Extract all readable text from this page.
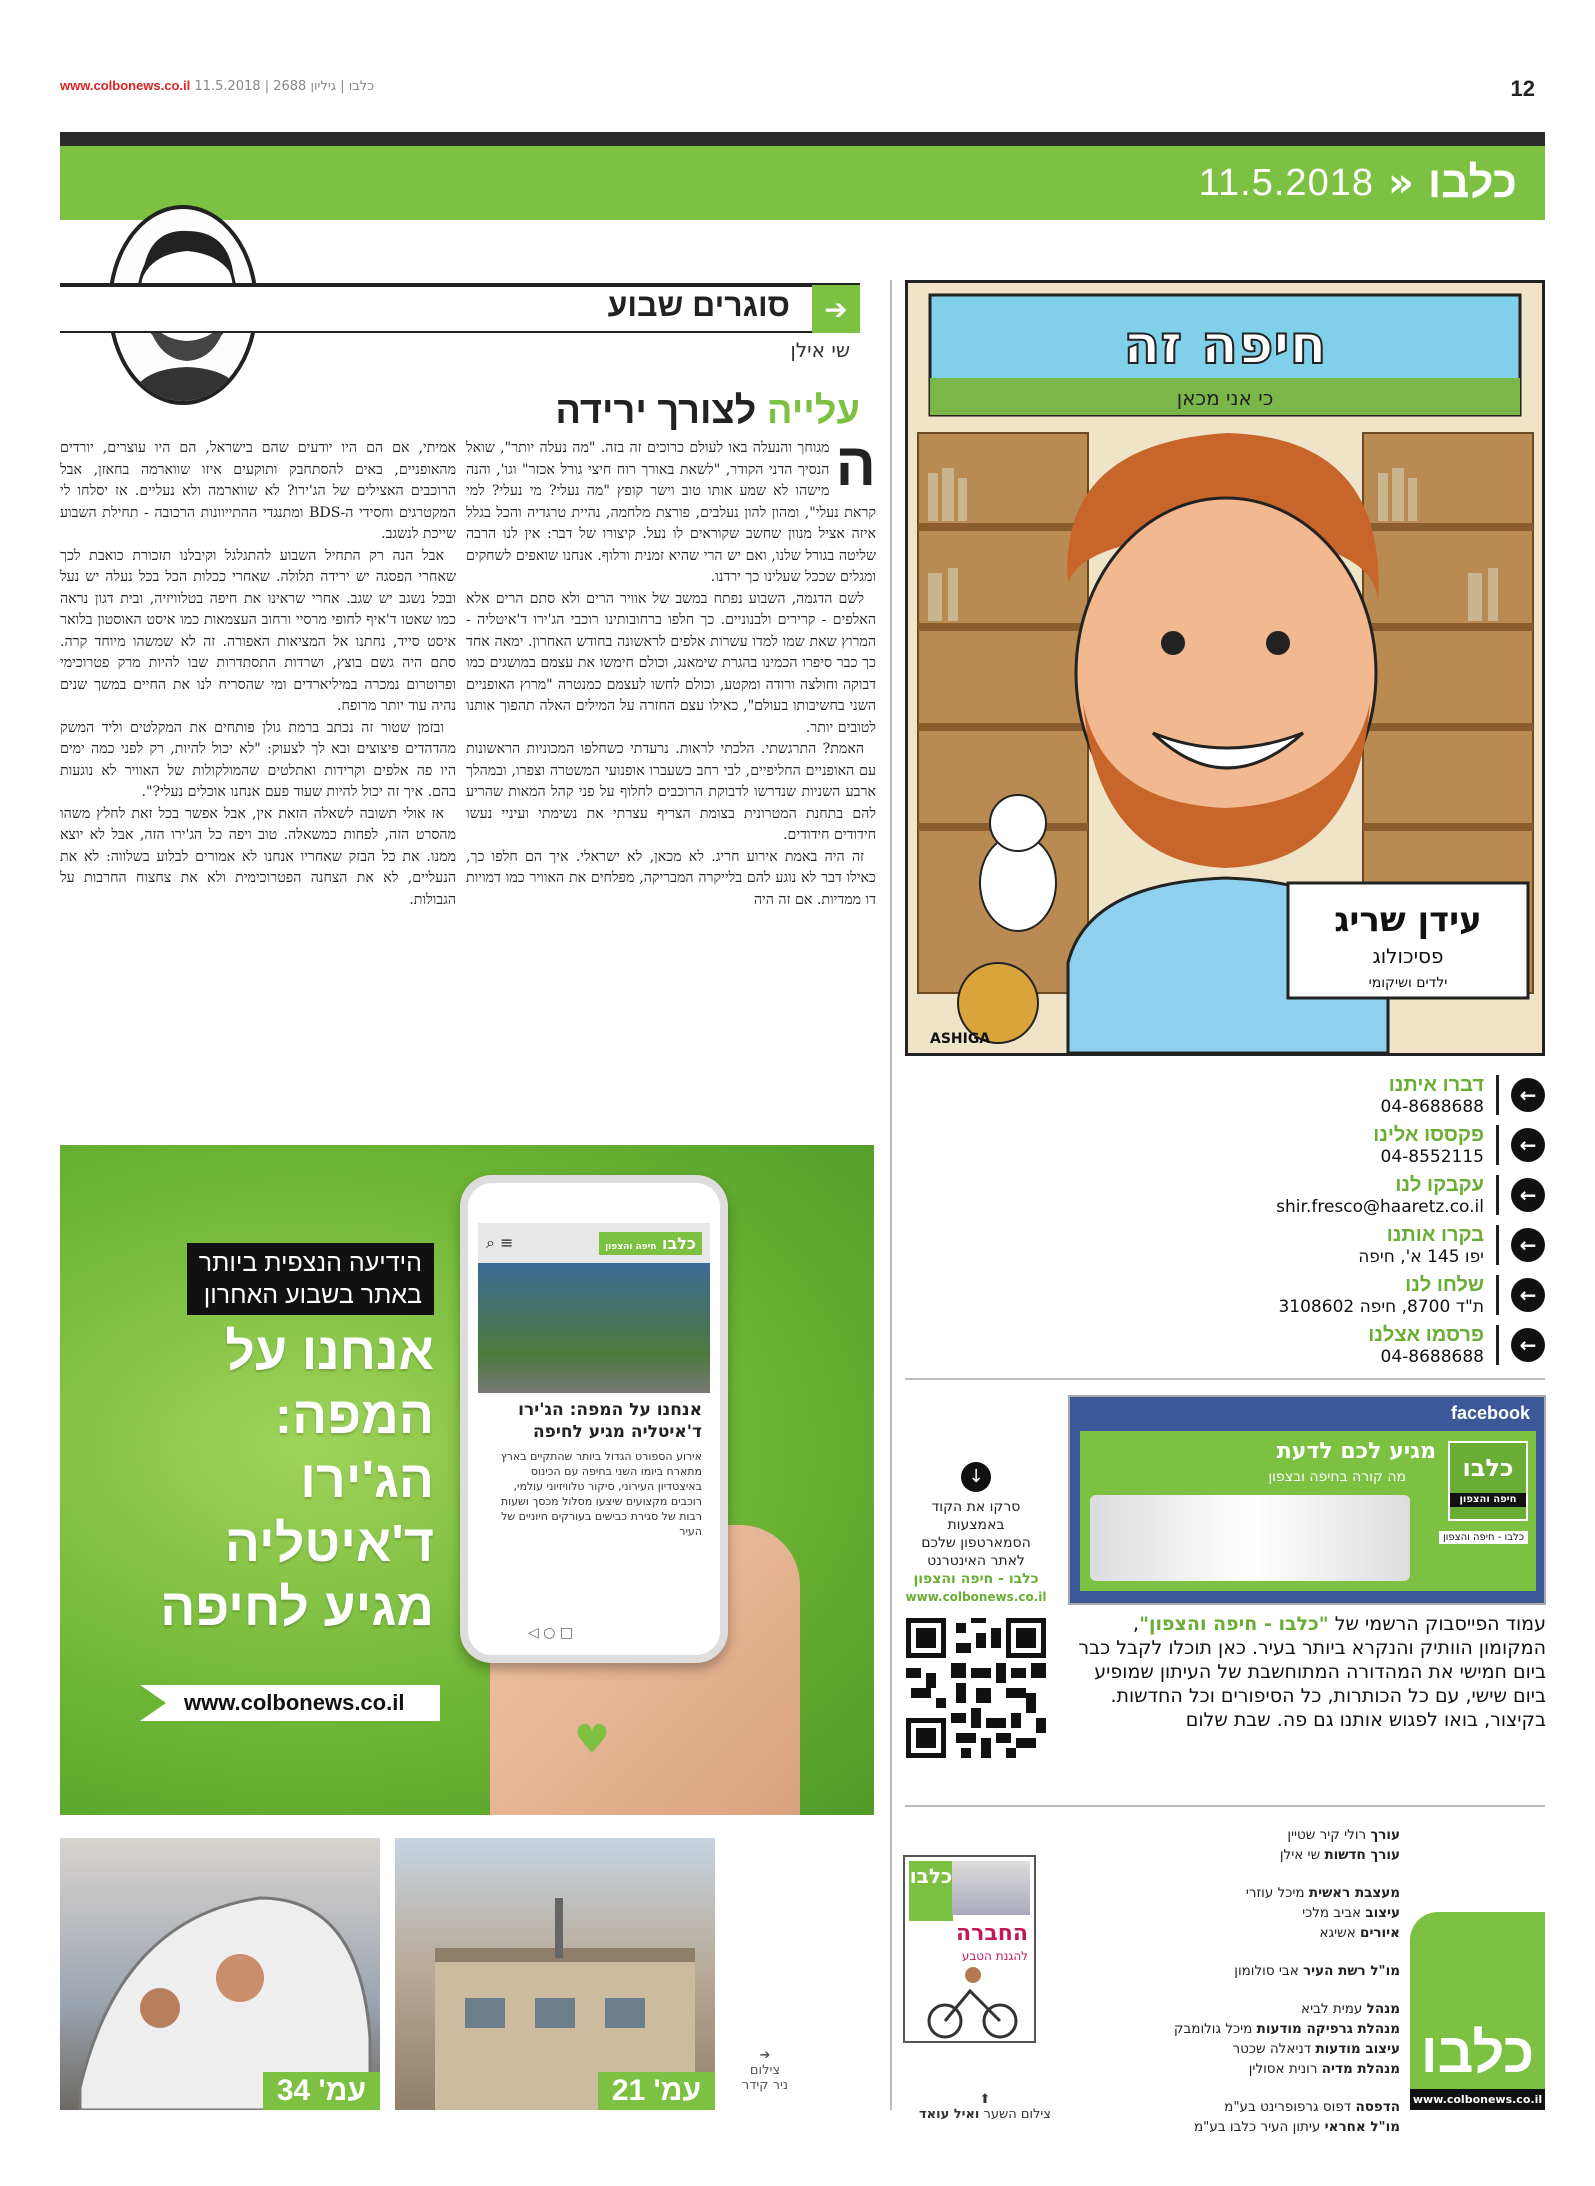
www.colbonews.co.il כלבו | גיליון 2688 | 11.5.2018	12
11.5.2018 » כלבו
➔
סוגרים שבוע
שי אילן
עלייה לצורך ירידה
ה

מגוחך והנעלה באו לעולם כרוכים זה בזה. "מה נעלה יותר", שואל הנסיך הדני הקודר, "לשאת באורך רוח חיצי גורל אכזר" וגו', והנה מישהו לא שמע אותו טוב וישר קופץ "מה נעלי? מי נעלי? למי קראת נעלי", ומהון להון נעלבים, פורצת מלחמה, נהיית טרגדיה והכל בגלל איזה אציל מנוון שחשב שקוראים לו נעל. קיצורו של דבר: אין לנו הרבה שליטה בגורל שלנו, ואם יש הרי שהיא זמנית ורלוף. אנחנו שואפים לשחקים ומגלים שככל שעלינו כך ירדנו.

לשם הדגמה, השבוע נפתח במשב של אוויר הרים ולא סתם הרים אלא האלפים - קרירים ולבנוניים. כך חלפו ברחובותינו רוכבי הג'ירו ד'איטליה - המרוץ שאת שמו למדו עשרות אלפים לראשונה בחודש האחרון. ימאה אחד כך כבר סיפרו הכמינו בהגרת שימאנג, וכולם חימשו את עצמם במושגים כמו דבוקה וחולצה ורודה ומקטע, וכולם לחשו לעצמם כמנטרה "מרוץ האופניים השני בחשיבותו בעולם", כאילו עצם החזרה על המילים האלה תהפוך אותנו לטובים יותר.

האמת? התרגשתי. הלכתי לראות. נרעדתי כשחלפו המכוניות הראשונות עם האופניים החליפיים, לבי רחב כשעברו אופנועי המשטרה וצפרו, ובמהלך ארבע השניות שנדרשו לדבוקת הרוכבים לחלוף על פני קהל המאות שהריע להם בתחנת המטרונית בצומת הצריף עצרתי את נשימתי ועיניי נעשו חידודים חידודים.

זה היה באמת אירוע חריג. לא מכאן, לא ישראלי. איך הם חלפו כך, כאילו דבר לא נוגע להם בלייקרה המבריקה, מפלחים את האוויר כמו דמויות דו ממדיות. אם זה היה

אמיתי, אם הם היו יודעים שהם בישראל, הם היו עוצרים, יורדים מהאופניים, באים להסתחבק ותוקעים איזו שווארמה בחאזן, אבל הרוכבים האצילים של הג'ירו? לא שווארמה ולא נעליים. אז יסלחו לי המקטרגים וחסידי ה-BDS ומתנגדי ההתייוונות הרכובה - תחילת השבוע שייכת לנשגב.

אבל הנה רק התחיל השבוע להתגלגל וקיבלנו תזכורת כואבת לכך שאחרי הפסגה יש ירידה תלולה. שאחרי ככלות הכל בכל נעלה יש נעל ובכל נשגב יש שגב. אחרי שראינו את חיפה בטלוויזיה, ובית דגון נראה כמו שאטו ד'איף לחופי מרסיי ורחוב העצמאות כמו איסט האוסטון בלואר איסט סייד, נחתנו אל המציאות האפורה. זה לא שמשהו מיוחד קרה. סתם היה גשם בוצץ, ושרדות התסתדרות שבו להיות מרק פטרוכימי ופרוטרום נמכרה במיליארדים ומי שהסריח לנו את החיים במשך שנים נהיה עוד יותר מרופח.

ובזמן שטור זה נכתב ברמת גולן פותחים את המקלטים וליד המשק מהדהדים פיצוצים ובא לך לצעוק: "לא יכול להיות, רק לפני כמה ימים היו פה אלפים וקרידות ואתלטים שהמולקולות של האוויר לא נוגעות בהם. איך זה יכול להיות שעוד פעם אנחנו אוכלים נעלי?".

אז אולי תשובה לשאלה הזאת אין, אבל אפשר בכל זאת לחלץ משהו מהסרט הזה, לפחות כמשאלה. טוב ויפה כל הג'ירו הזה, אבל לא יוצא ממנו. את כל הבזק שאחריו אנחנו לא אמורים לבלוע בשלווה: לא את הנעליים, לא את הצחנה הפטרוכימית ולא את צחצוח החרבות על הגבולות.

חיפה זה
כי אני מכאן
עידן שריג
פסיכולוג
ילדים ושיקומי
ASHIGA
←
דברו איתנו
04-8688688
←
פקססו אלינו
04-8552115
←
עקבקו לנו
shir.fresco@haaretz.co.il
←
בקרו אותנו
יפו 145 א', חיפה
←
שלחו לנו
ת"ד 8700, חיפה 3108602
←
פרסמו אצלנו
04-8688688
הידיעה הנצפית ביותר
באתר בשבוע האחרון
אנחנו על
המפה:
הג'ירו
ד'איטליה
מגיע לחיפה
www.colbonews.co.il
כלבו חיפה והצפון
≡ ⌕
אנחנו על המפה: הג'ירו ד'איטליה מגיע לחיפה
אירוע הספורט הגדול ביותר שהתקיים בארץ מתארח ביומו השני בחיפה עם הכינוס באיצטדיון העירוני, סיקור טלוויזיוני עולמי, רוכבים מקצועים שיצעו מסלול מכסך ושעות רבות של סגירת כבישים בעורקים חיוניים של העיר
◁ ○ □
♥
עמ' 34	עמ' 21
➔
צילום
ניר קידר
facebook
כלבו
חיפה והצפון
מגיע לכם לדעת
מה קורה בחיפה ובצפון
כלבו - חיפה והצפון
עמוד הפייסבוק הרשמי של "כלבו - חיפה והצפון", המקומון הוותיק והנקרא ביותר בעיר. כאן תוכלו לקבל כבר ביום חמישי את המהדורה המתוחשבת של העיתון שמופיע ביום שישי, עם כל הכותרות, כל הסיפורים וכל החדשות. בקיצור, בואו לפגוש אותנו גם פה. שבת שלום
↓
סרקו את הקוד
באמצעות
הסמארטפון שלכם
לאתר האינטרנט
כלבו - חיפה והצפון
www.colbonews.co.il
עורך רולי קיר שטיין
עורך חדשות שי אילן
מעצבת ראשית מיכל עוזרי
עיצוב אביב מלכי
איורים אשיגא
מו"ל רשת העיר אבי סולומון
מנהל עמית לביא
מנהלת גרפיקה מודעות מיכל גולומבק
עיצוב מודעות דניאלה שכטר
מנהלת מדיה רונית אסולין
הדפסה דפוס גרפופרינט בע"מ
מו"ל אחראי עיתון העיר כלבו בע"מ
כלבו
החברה
להגנת הטבע
⬆
צילום השער ואיל עואד
כלבו
www.colbonews.co.il
